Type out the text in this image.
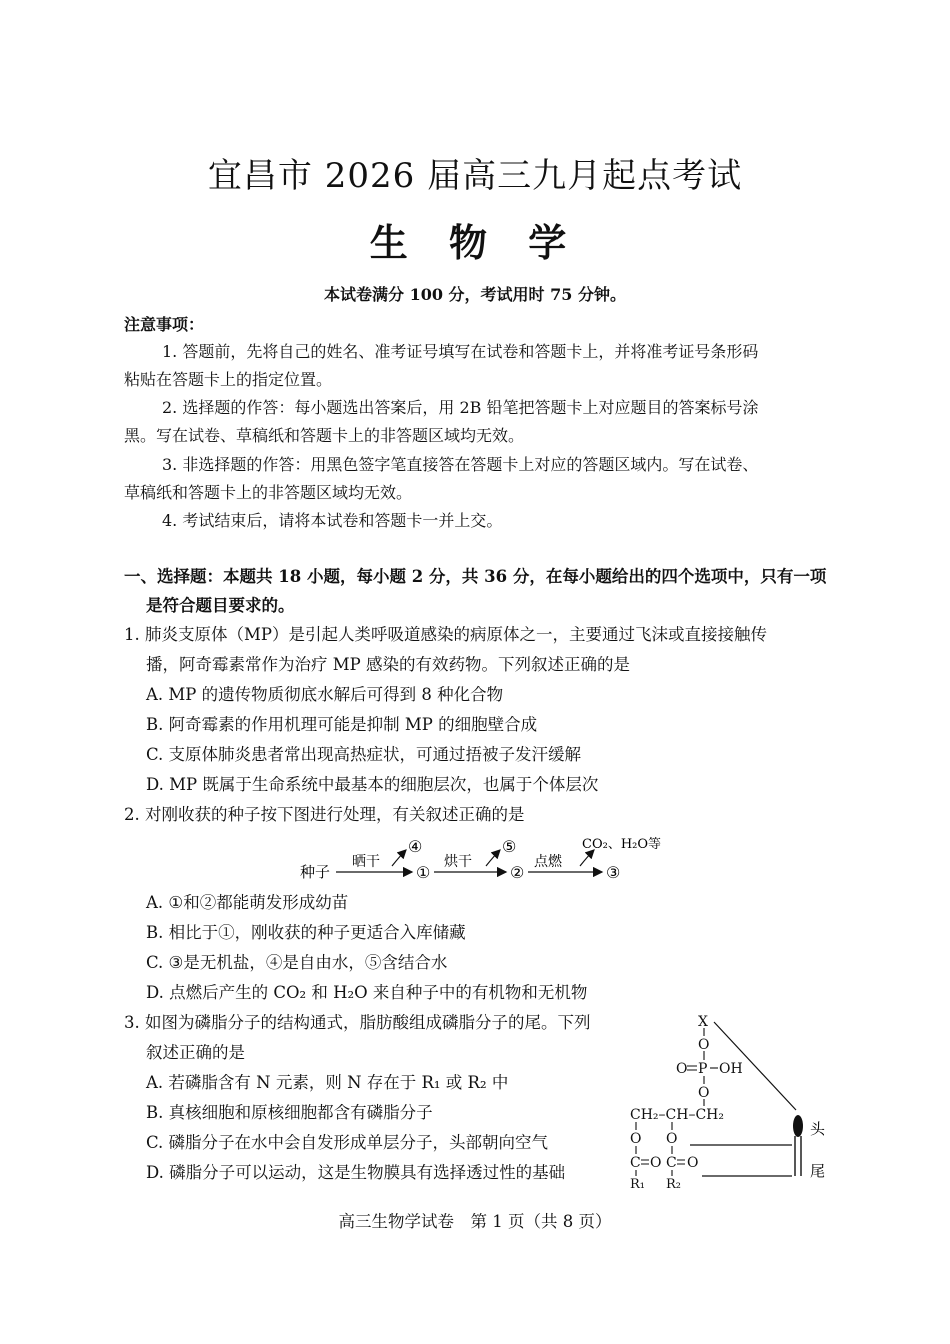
宜昌市 2026 届高三九月起点考试
生 物 学
本试卷满分 100 分，考试用时 75 分钟。
注意事项：
1. 答题前，先将自己的姓名、准考证号填写在试卷和答题卡上，并将准考证号条形码
粘贴在答题卡上的指定位置。
2. 选择题的作答：每小题选出答案后，用 2B 铅笔把答题卡上对应题目的答案标号涂
黑。写在试卷、草稿纸和答题卡上的非答题区域均无效。
3. 非选择题的作答：用黑色签字笔直接答在答题卡上对应的答题区域内。写在试卷、
草稿纸和答题卡上的非答题区域均无效。
4. 考试结束后，请将本试卷和答题卡一并上交。
一、选择题：本题共 18 小题，每小题 2 分，共 36 分，在每小题给出的四个选项中，只有一项
是符合题目要求的。
1. 肺炎支原体（MP）是引起人类呼吸道感染的病原体之一，主要通过飞沫或直接接触传
播，阿奇霉素常作为治疗 MP 感染的有效药物。下列叙述正确的是
A. MP 的遗传物质彻底水解后可得到 8 种化合物
B. 阿奇霉素的作用机理可能是抑制 MP 的细胞壁合成
C. 支原体肺炎患者常出现高热症状，可通过捂被子发汗缓解
D. MP 既属于生命系统中最基本的细胞层次，也属于个体层次
2. 对刚收获的种子按下图进行处理，有关叙述正确的是
种子
晒干
④
①
烘干
⑤
②
点燃
CO₂、H₂O等
③
A. ①和②都能萌发形成幼苗
B. 相比于①，刚收获的种子更适合入库储藏
C. ③是无机盐，④是自由水，⑤含结合水
D. 点燃后产生的 CO₂ 和 H₂O 来自种子中的有机物和无机物
3. 如图为磷脂分子的结构通式，脂肪酸组成磷脂分子的尾。下列
叙述正确的是
A. 若磷脂含有 N 元素，则 N 存在于 R₁ 或 R₂ 中
B. 真核细胞和原核细胞都含有磷脂分子
C. 磷脂分子在水中会自发形成单层分子，头部朝向空气
D. 磷脂分子可以运动，这是生物膜具有选择透过性的基础
X
O
O P OH
O
CH₂–CH–CH₂
O O
C O C O
R₁ R₂
头
尾
高三生物学试卷　第 1 页（共 8 页）
